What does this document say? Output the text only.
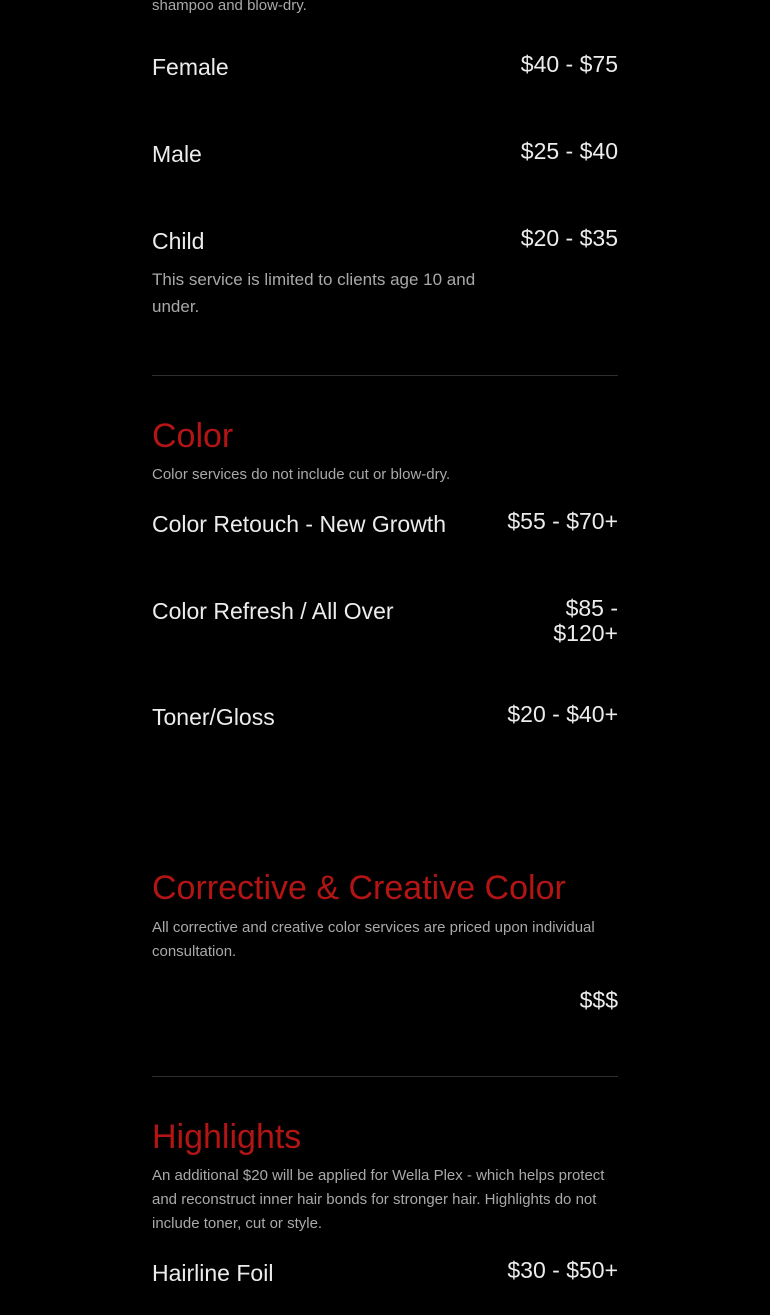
shampoo and blow-dry.

Female	$40 - $75

Male	$25 - $40

Child	$20 - $35

This service is limited to clients age 10 and under.

Color

Color services do not include cut or blow-dry.

Color Retouch - New Growth	$55 - $70+

Color Refresh / All Over	$85 -
$120+

Toner/Gloss	$20 - $40+

Corrective & Creative Color

All corrective and creative color services are priced upon individual consultation.

$$$

Highlights

An additional $20 will be applied for Wella Plex - which helps protect and reconstruct inner hair bonds for stronger hair. Highlights do not include toner, cut or style.

Hairline Foil	$30 - $50+
